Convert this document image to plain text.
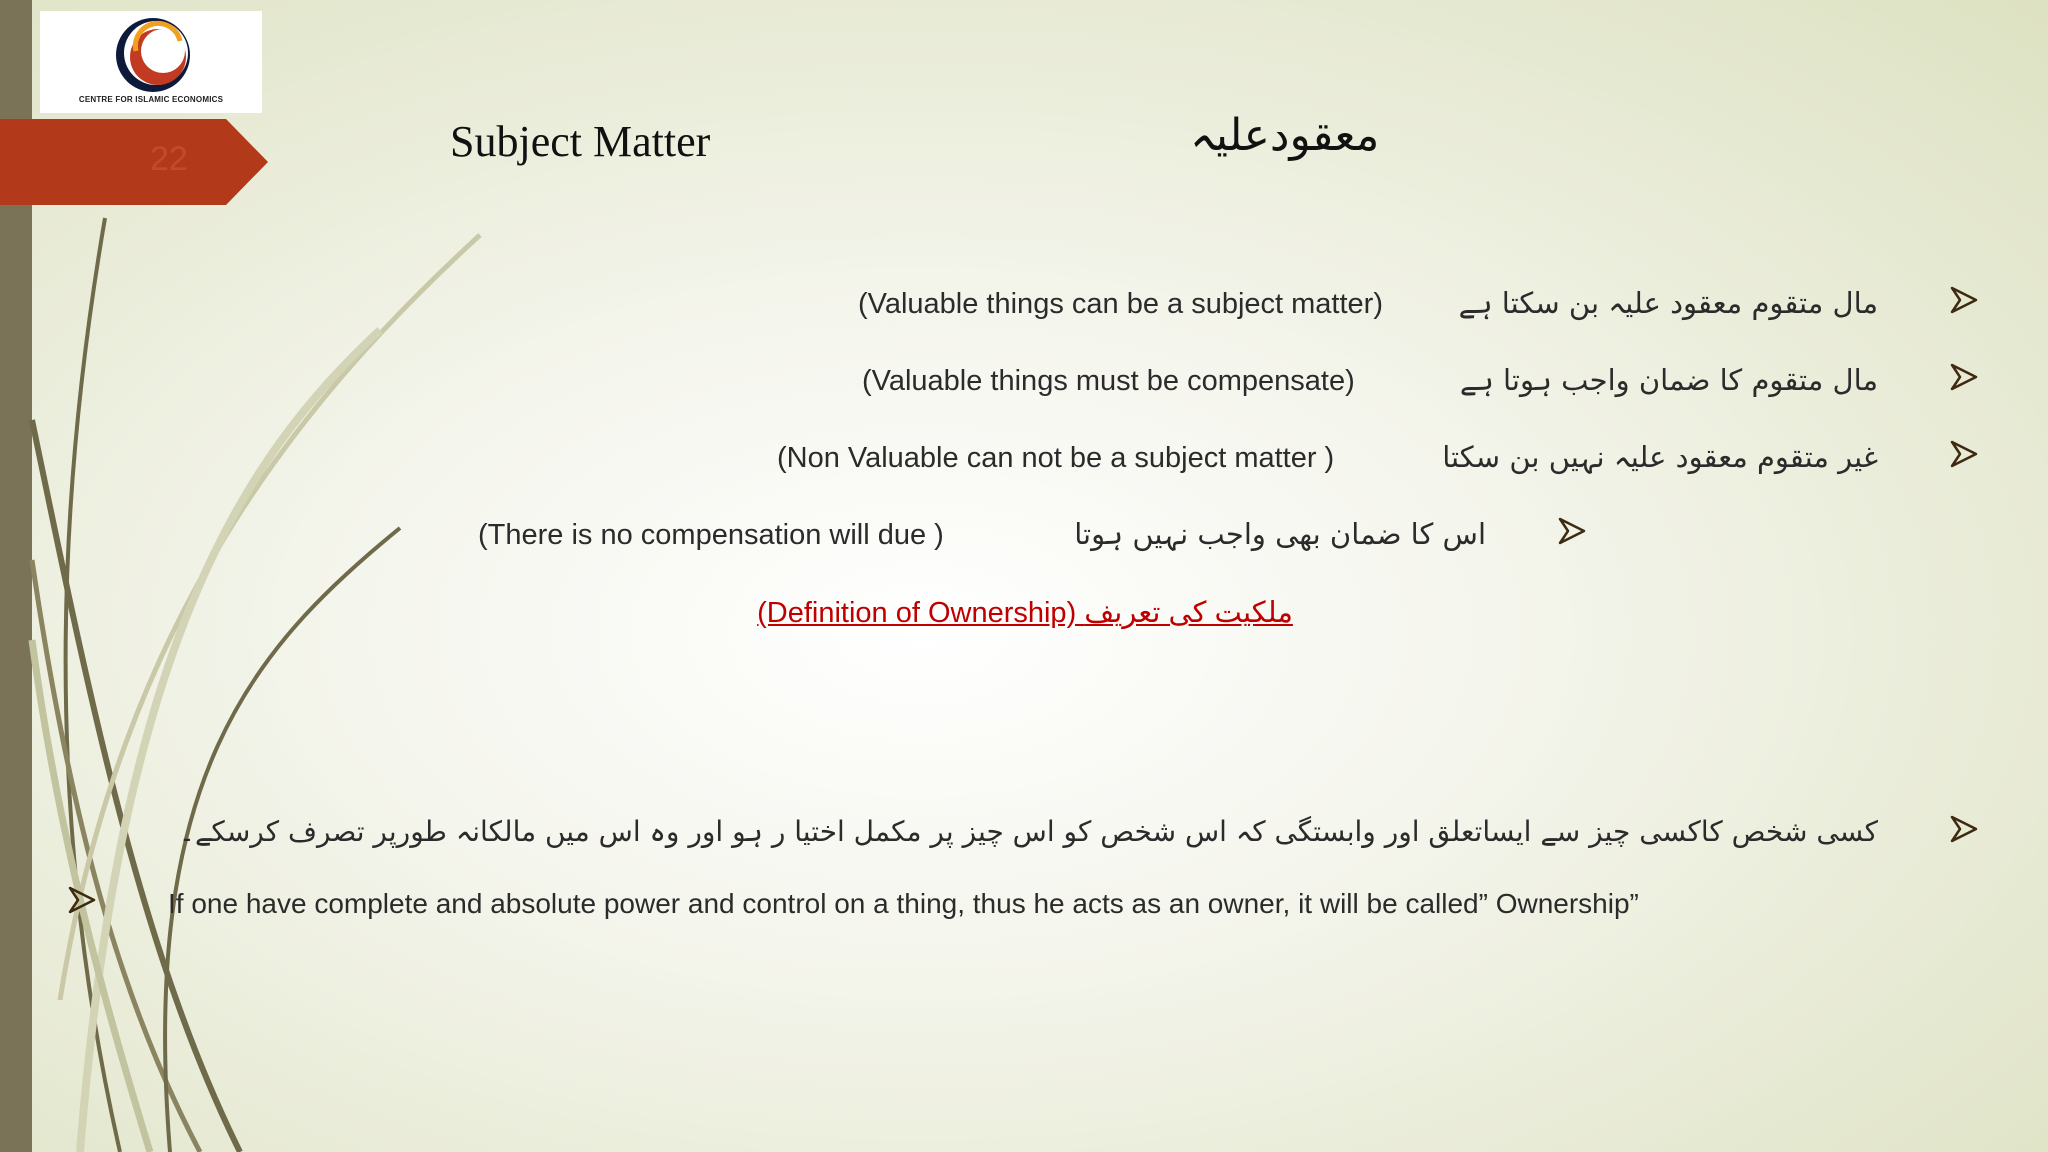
CENTRE FOR ISLAMIC ECONOMICS
22	Subject Matter	معقودعلیہ
مال متقوم معقود علیہ بن سکتا ہے
(Valuable things can be a subject matter)
مال متقوم کا ضمان واجب ہوتا ہے
(Valuable things must be compensate)
غیر متقوم معقود علیہ نہیں بن سکتا
(Non Valuable can not be a subject matter )
اس کا ضمان بھی واجب نہیں ہوتا
(There is no compensation will due )
(Definition of Ownership) ملکیت کی تعریف
کسی شخص کاکسی چیز سے ایساتعلق اور وابستگی کہ اس شخص کو اس چیز پر مکمل اختیا ر ہو اور وہ اس میں مالکانہ طورپر تصرف کرسکے۔
If one have complete and absolute power and control on a thing, thus he acts as an owner, it will be called” Ownership”
